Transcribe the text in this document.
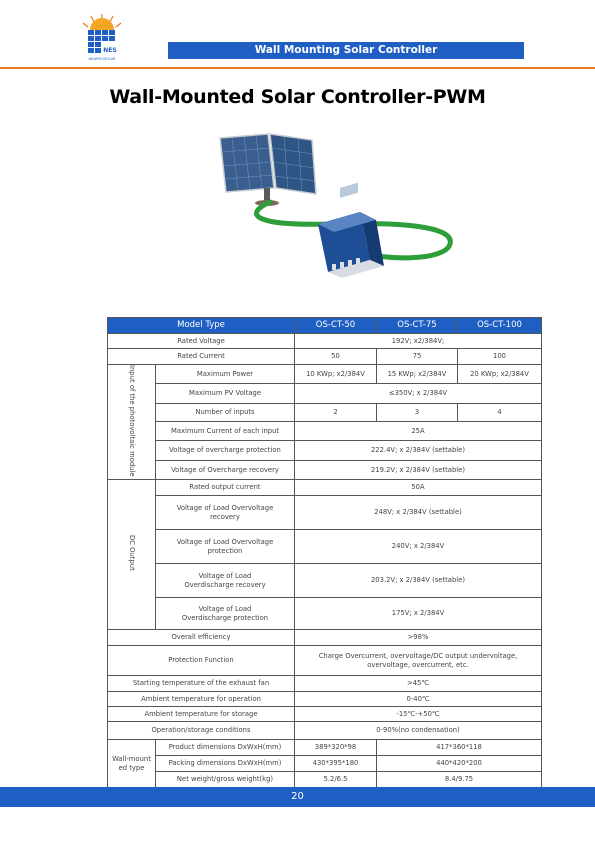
NES
NEWEGOSOLAR
Wall Mounting Solar Controller
Wall-Mounted Solar Controller-PWM
Model Type		OS-CT-50	OS-CT-75	OS-CT-100
Rated Voltage		192V; x2/384V;		
Rated Current		50	75	100
Input of the photovoltaic module	Maximum Power	10 KWp; x2/384V	15 KWp; x2/384V	20 KWp; x2/384V
	Maximum PV Voltage	≤350V; x 2/384V		
	Number of inputs	2	3	4
	Maximum Current of each input	25A		
	Voltage of overcharge protection	222.4V; x 2/384V (settable)		
	Voltage of Overcharge recovery	219.2V; x 2/384V (settable)		
DC Output	Rated output current	50A		
	Voltage of Load Overvoltage
recovery	248V; x 2/384V (settable)		
	Voltage of Load Overvoltage
protection	240V; x 2/384V		
	Voltage of Load
Overdischarge recovery	203.2V; x 2/384V (settable)		
	Voltage of Load
Overdischarge protection	175V; x 2/384V		
Overall efficiency		>98%		
Protection Function		Charge Overcurrent, overvoltage/DC output undervoltage,
overvoltage, overcurrent, etc.		
Starting temperature of the exhaust fan		>45℃		
Ambient temperature for operation		0-40℃		
Ambient temperature for storage		-15℃-+50℃		
Operation/storage conditions		0-90%(no condensation)		
Wall-mount
ed type	Product dimensions DxWxH(mm)	389*320*98	417*360*118	
	Packing dimensions DxWxH(mm)	430*395*180	440*420*200	
	Net weight/gross weight(kg)	5.2/6.5	8.4/9.75	
20
